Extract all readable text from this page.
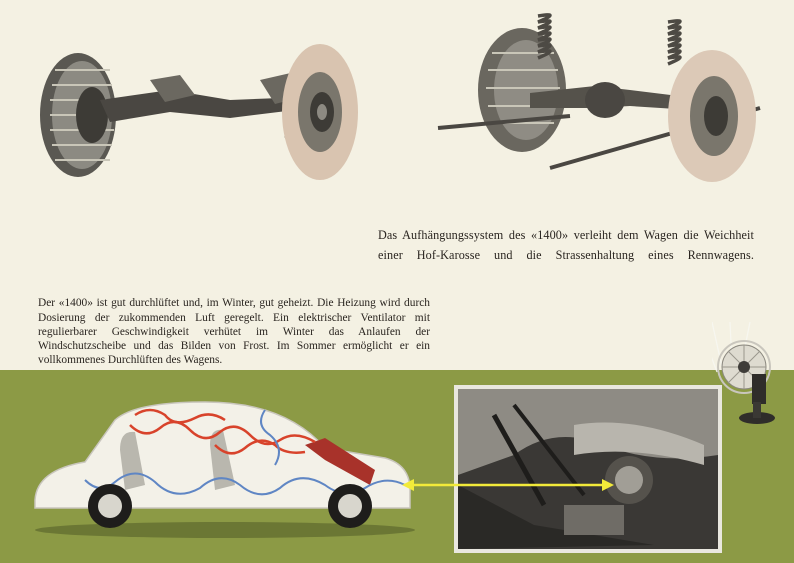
Das Aufhängungssystem des «1400» verleiht dem Wagen die Weichheit einer Hof-Karosse und die Strassenhaltung eines Rennwagens.

Der «1400» ist gut durchlüftet und, im Winter, gut geheizt. Die Heizung wird durch Dosierung der zukommenden Luft geregelt. Ein elektrischer Ventilator mit regulierbarer Geschwindigkeit verhütet im Winter das Anlaufen der Windschutzscheibe und das Bilden von Frost. Im Sommer ermöglicht er ein vollkommenes Durchlüften des Wagens.
